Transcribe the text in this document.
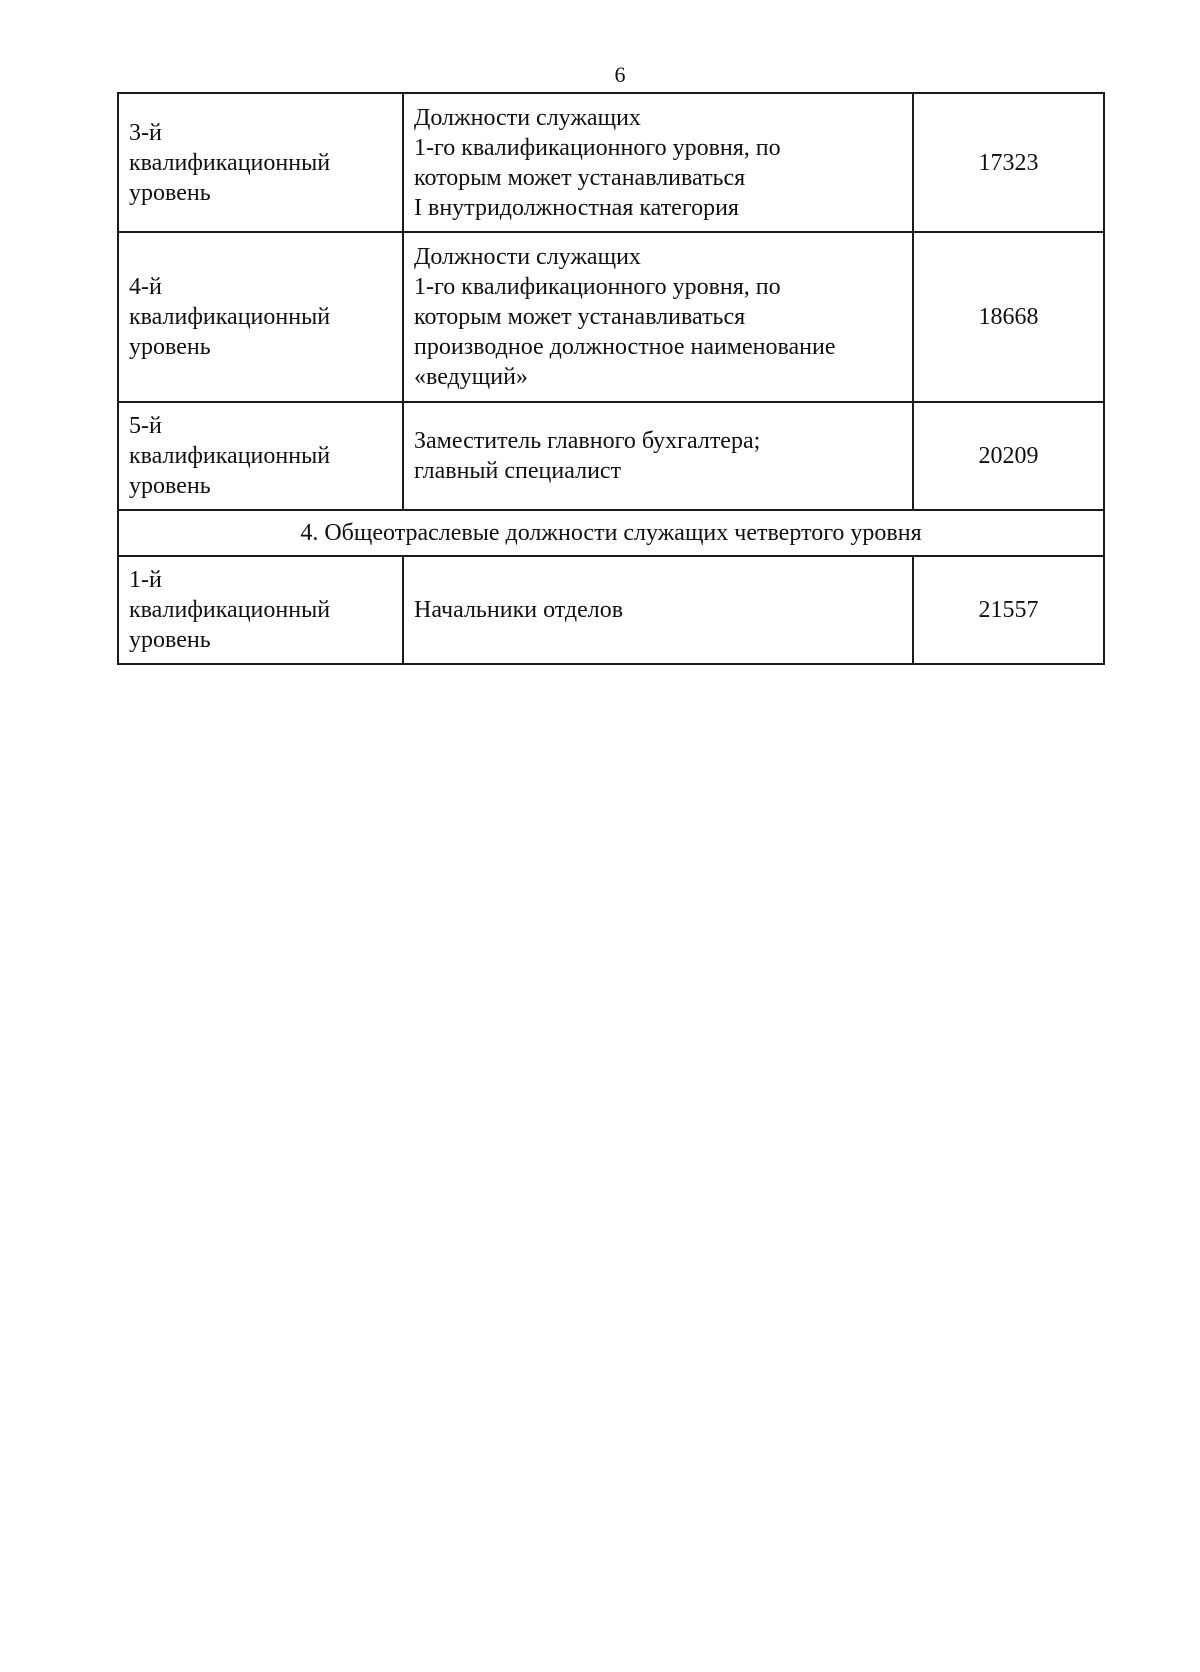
6
3-й
квалификационный
уровень	Должности служащих
1-го квалификационного уровня, по
которым может устанавливаться
I внутридолжностная категория	17323
4-й
квалификационный
уровень	Должности служащих
1-го квалификационного уровня, по
которым может устанавливаться
производное должностное наименование
«ведущий»	18668
5-й
квалификационный
уровень	Заместитель главного бухгалтера;
главный специалист	20209
4. Общеотраслевые должности служащих четвертого уровня		
1-й
квалификационный
уровень	Начальники отделов	21557
